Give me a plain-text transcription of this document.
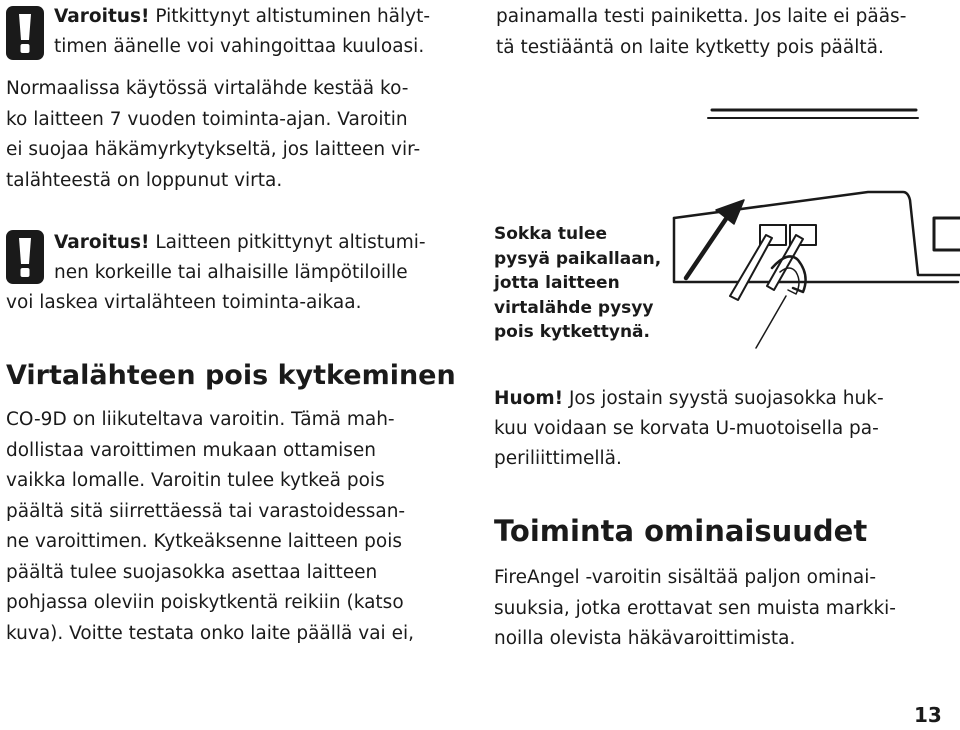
Varoitus! Pitkittynyt altistuminen hälyt-
timen äänelle voi vahingoittaa kuuloasi.

Normaalissa käytössä virtalähde kestää ko-

ko laitteen 7 vuoden toiminta-ajan. Varoitin

ei suojaa häkämyrkytykseltä, jos laitteen vir-

talähteestä on loppunut virta.

Varoitus! Laitteen pitkittynyt altistumi-
nen korkeille tai alhaisille lämpötiloille
voi laskea virtalähteen toiminta-aikaa.
Virtalähteen pois kytkeminen

CO-9D on liikuteltava varoitin. Tämä mah-

dollistaa varoittimen mukaan ottamisen

vaikka lomalle. Varoitin tulee kytkeä pois

päältä sitä siirrettäessä tai varastoidessan-

ne varoittimen. Kytkeäksenne laitteen pois

päältä tulee suojasokka asettaa laitteen

pohjassa oleviin poiskytkentä reikiin (katso

kuva). Voitte testata onko laite päällä vai ei,

painamalla testi painiketta. Jos laite ei pääs-

tä testiääntä on laite kytketty pois päältä.

Sokka tulee
pysyä paikallaan,
jotta laitteen
virtalähde pysyy
pois kytkettynä.
Huom! Jos jostain syystä suojasokka huk-
kuu voidaan se korvata U-muotoisella pa-
periliittimellä.
Toiminta ominaisuudet

FireAngel -varoitin sisältää paljon ominai-

suuksia, jotka erottavat sen muista markki-

noilla olevista häkävaroittimista.

13
